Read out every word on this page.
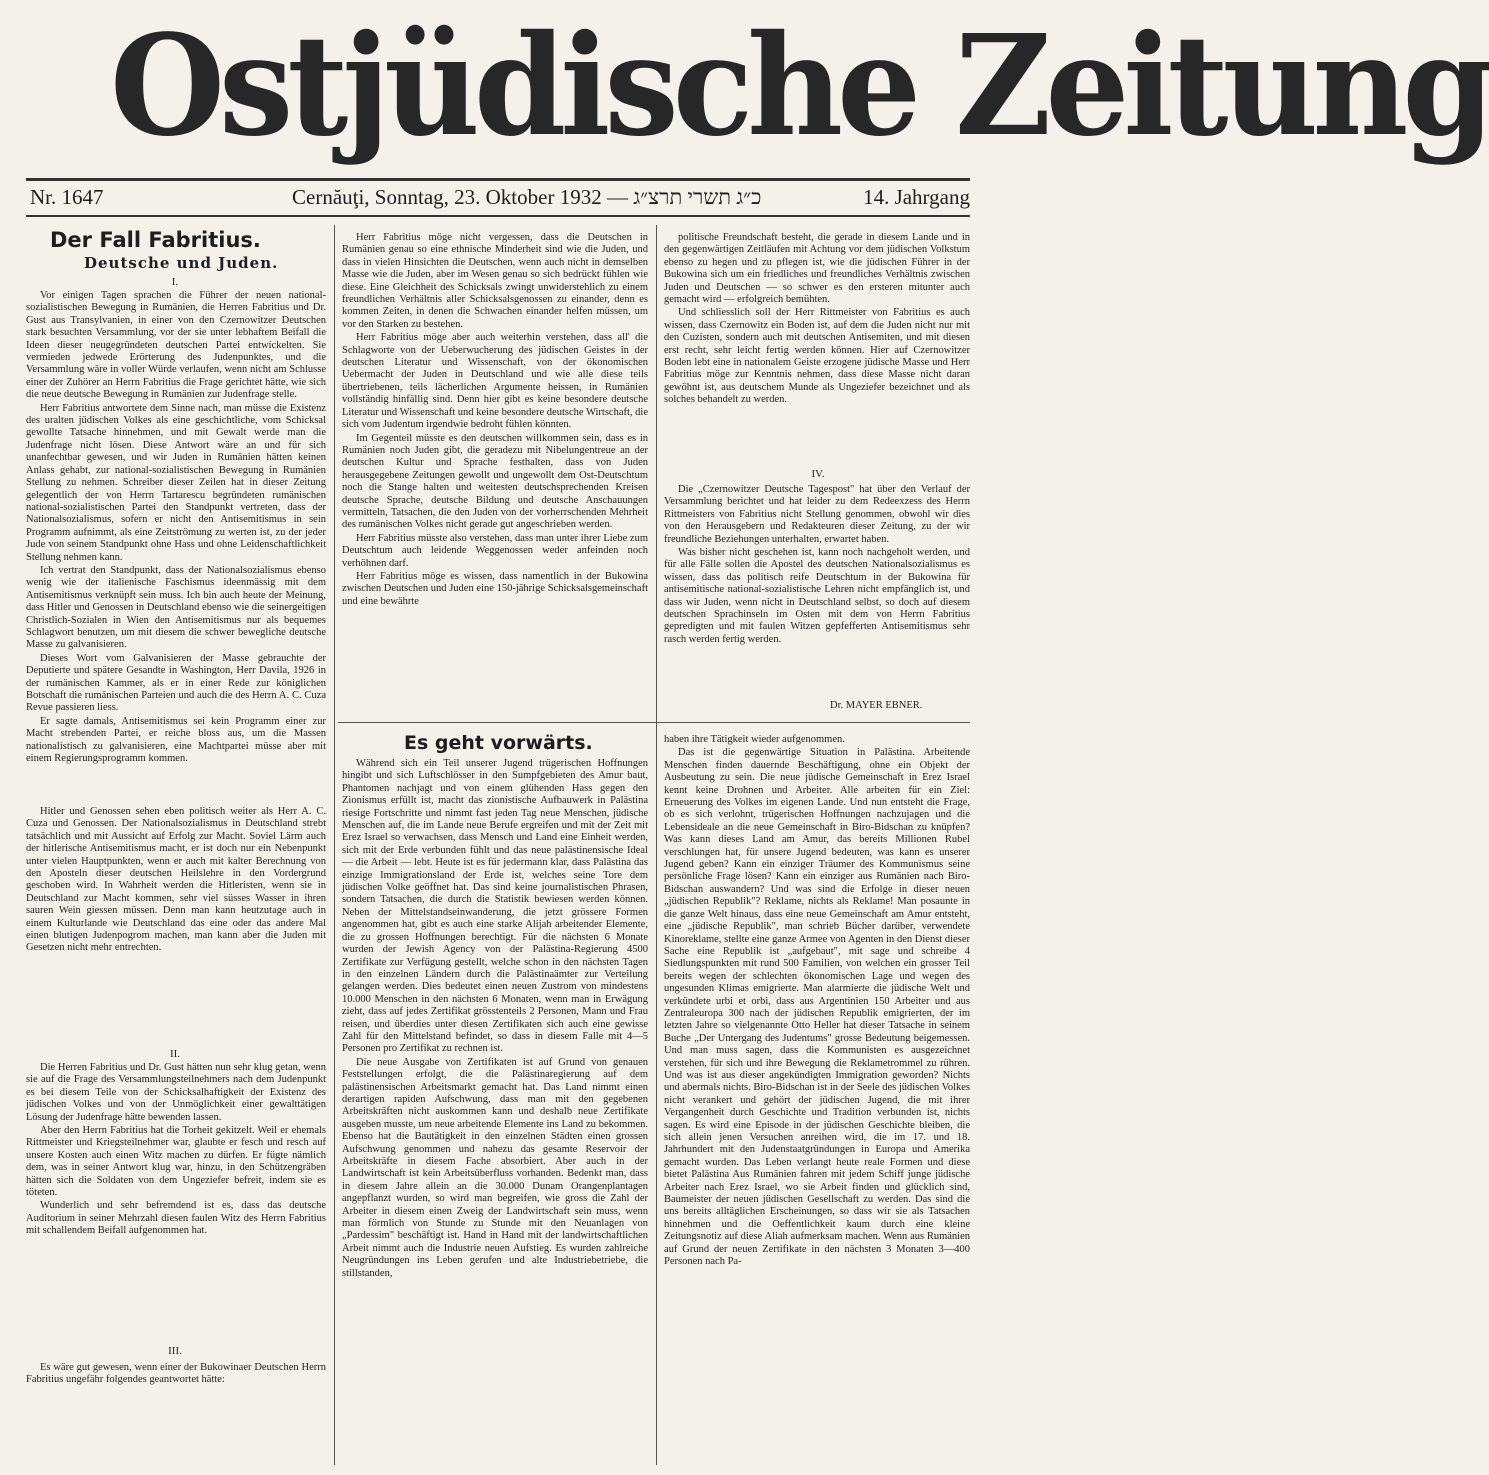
Ostjüdische Zeitung
Nr. 1647	Cernăuţi, Sonntag, 23. Oktober 1932 — כ״ג תשרי תרצ״ג	14. Jahrgang
Der Fall Fabritius.
Deutsche und Juden.
I.

Vor einigen Tagen sprachen die Führer der neuen national-sozialistischen Bewegung in Rumänien, die Herren Fabritius und Dr. Gust aus Transylvanien, in einer von den Czernowitzer Deutschen stark besuchten Versammlung, vor der sie unter lebhaftem Beifall die Ideen dieser neugegründeten deutschen Partei entwickelten. Sie vermieden jedwede Erörterung des Judenpunktes, und die Versammlung wäre in voller Würde verlaufen, wenn nicht am Schlusse einer der Zuhörer an Herrn Fabritius die Frage gerichtet hätte, wie sich die neue deutsche Bewegung in Rumänien zur Judenfrage stelle.

Herr Fabritius antwortete dem Sinne nach, man müsse die Existenz des uralten jüdischen Volkes als eine geschichtliche, vom Schicksal gewollte Tatsache hinnehmen, und mit Gewalt werde man die Judenfrage nicht lösen. Diese Antwort wäre an und für sich unanfechtbar gewesen, und wir Juden in Rumänien hätten keinen Anlass gehabt, zur national-sozialistischen Bewegung in Rumänien Stellung zu nehmen. Schreiber dieser Zeilen hat in dieser Zeitung gelegentlich der von Herrn Tartarescu begründeten rumänischen national-sozialistischen Partei den Standpunkt vertreten, dass der Nationalsozialismus, sofern er nicht den Antisemitismus in sein Programm aufnimmt, als eine Zeitströmung zu werten ist, zu der jeder Jude von seinem Standpunkt ohne Hass und ohne Leidenschaftlichkeit Stellung nehmen kann.

Ich vertrat den Standpunkt, dass der Nationalsozialismus ebenso wenig wie der italienische Faschismus ideenmässig mit dem Antisemitismus verknüpft sein muss. Ich bin auch heute der Meinung, dass Hitler und Genossen in Deutschland ebenso wie die seinergeitigen Christlich-Sozialen in Wien den Antisemitismus nur als bequemes Schlagwort benutzen, um mit diesem die schwer bewegliche deutsche Masse zu galvanisieren.

Dieses Wort vom Galvanisieren der Masse gebrauchte der Deputierte und spätere Gesandte in Washington, Herr Davila, 1926 in der rumänischen Kammer, als er in einer Rede zur königlichen Botschaft die rumänischen Parteien und auch die des Herrn A. C. Cuza Revue passieren liess.

Er sagte damals, Antisemitismus sei kein Programm einer zur Macht strebenden Partei, er reiche bloss aus, um die Massen nationalistisch zu galvanisieren, eine Machtpartei müsse aber mit einem Regierungsprogramm kommen.

Hitler und Genossen sehen eben politisch weiter als Herr A. C. Cuza und Genossen. Der Nationalsozialismus in Deutschland strebt tatsächlich und mit Aussicht auf Erfolg zur Macht. Soviel Lärm auch der hitlerische Antisemitismus macht, er ist doch nur ein Nebenpunkt unter vielen Hauptpunkten, wenn er auch mit kalter Berechnung von den Aposteln dieser deutschen Heilslehre in den Vordergrund geschoben wird. In Wahrheit werden die Hitleristen, wenn sie in Deutschland zur Macht kommen, sehr viel süsses Wasser in ihren sauren Wein giessen müssen. Denn man kann heutzutage auch in einem Kulturlande wie Deutschland das eine oder das andere Mal einen blutigen Judenpogrom machen, man kann aber die Juden mit Gesetzen nicht mehr entrechten.

II.

Die Herren Fabritius und Dr. Gust hätten nun sehr klug getan, wenn sie auf die Frage des Versammlungsteilnehmers nach dem Judenpunkt es bei diesem Teile von der Schicksalhaftigkeit der Existenz des jüdischen Volkes und von der Unmöglichkeit einer gewalttätigen Lösung der Judenfrage hätte bewenden lassen.

Aber den Herrn Fabritius hat die Torheit gekitzelt. Weil er ehemals Rittmeister und Kriegsteilnehmer war, glaubte er fesch und resch auf unsere Kosten auch einen Witz machen zu dürfen. Er fügte nämlich dem, was in seiner Antwort klug war, hinzu, in den Schützengräben hätten sich die Soldaten von dem Ungeziefer befreit, indem sie es töteten.

Wunderlich und sehr befremdend ist es, dass das deutsche Auditorium in seiner Mehrzahl diesen faulen Witz des Herrn Fabritius mit schallendem Beifall aufgenommen hat.

III.

Es wäre gut gewesen, wenn einer der Bukowinaer Deutschen Herrn Fabritius ungefähr folgendes geantwortet hätte:

Herr Fabritius möge nicht vergessen, dass die Deutschen in Rumänien genau so eine ethnische Minderheit sind wie die Juden, und dass in vielen Hinsichten die Deutschen, wenn auch nicht in demselben Masse wie die Juden, aber im Wesen genau so sich bedrückt fühlen wie diese. Eine Gleichheit des Schicksals zwingt unwiderstehlich zu einem freundlichen Verhältnis aller Schicksalsgenossen zu einander, denn es kommen Zeiten, in denen die Schwachen einander helfen müssen, um vor den Starken zu bestehen.

Herr Fabritius möge aber auch weiterhin verstehen, dass all' die Schlagworte von der Ueberwucherung des jüdischen Geistes in der deutschen Literatur und Wissenschaft, von der ökonomischen Uebermacht der Juden in Deutschland und wie alle diese teils übertriebenen, teils lächerlichen Argumente heissen, in Rumänien vollständig hinfällig sind. Denn hier gibt es keine besondere deutsche Literatur und Wissenschaft und keine besondere deutsche Wirtschaft, die sich vom Judentum irgendwie bedroht fühlen könnten.

Im Gegenteil müsste es den deutschen willkommen sein, dass es in Rumänien noch Juden gibt, die geradezu mit Nibelungentreue an der deutschen Kultur und Sprache festhalten, dass von Juden herausgegebene Zeitungen gewollt und ungewollt dem Ost-Deutschtum noch die Stange halten und weitesten deutschsprechenden Kreisen deutsche Sprache, deutsche Bildung und deutsche Anschauungen vermitteln, Tatsachen, die den Juden von der vorherrschenden Mehrheit des rumänischen Volkes nicht gerade gut angeschrieben werden.

Herr Fabritius müsste also verstehen, dass man unter ihrer Liebe zum Deutschtum auch leidende Weggenossen weder anfeinden noch verhöhnen darf.

Herr Fabritius möge es wissen, dass namentlich in der Bukowina zwischen Deutschen und Juden eine 150-jährige Schicksalsgemeinschaft und eine bewährte

politische Freundschaft besteht, die gerade in diesem Lande und in den gegenwärtigen Zeitläufen mit Achtung vor dem jüdischen Volkstum ebenso zu hegen und zu pflegen ist, wie die jüdischen Führer in der Bukowina sich um ein friedliches und freundliches Verhältnis zwischen Juden und Deutschen — so schwer es den ersteren mitunter auch gemacht wird — erfolgreich bemühten.

Und schliesslich soll der Herr Rittmeister von Fabritius es auch wissen, dass Czernowitz ein Boden ist, auf dem die Juden nicht nur mit den Cuzisten, sondern auch mit deutschen Antisemiten, und mit diesen erst recht, sehr leicht fertig werden können. Hier auf Czernowitzer Boden lebt eine in nationalem Geiste erzogene jüdische Masse und Herr Fabritius möge zur Kenntnis nehmen, dass diese Masse nicht daran gewöhnt ist, aus deutschem Munde als Ungeziefer bezeichnet und als solches behandelt zu werden.

IV.

Die „Czernowitzer Deutsche Tagespost" hat über den Verlauf der Versammlung berichtet und hat leider zu dem Redeexzess des Herrn Rittmeisters von Fabritius nicht Stellung genommen, obwohl wir dies von den Herausgebern und Redakteuren dieser Zeitung, zu der wir freundliche Beziehungen unterhalten, erwartet haben.

Was bisher nicht geschehen ist, kann noch nachgeholt werden, und für alle Fälle sollen die Apostel des deutschen Nationalsozialismus es wissen, dass das politisch reife Deutschtum in der Bukowina für antisemitische national-sozialistische Lehren nicht empfänglich ist, und dass wir Juden, wenn nicht in Deutschland selbst, so doch auf diesem deutschen Sprachinseln im Osten mit dem von Herrn Fabritius gepredigten und mit faulen Witzen gepfefferten Antisemitismus sehr rasch werden fertig werden.

Dr. MAYER EBNER.
Es geht vorwärts.

Während sich ein Teil unserer Jugend trügerischen Hoffnungen hingibt und sich Luftschlösser in den Sumpfgebieten des Amur baut, Phantomen nachjagt und von einem glühenden Hass gegen den Zionismus erfüllt ist, macht das zionistische Aufbauwerk in Palästina riesige Fortschritte und nimmt fast jeden Tag neue Menschen, jüdische Menschen auf, die im Lande neue Berufe ergreifen und mit der Zeit mit Erez Israel so verwachsen, dass Mensch und Land eine Einheit werden, sich mit der Erde verbunden fühlt und das neue palästinensische Ideal — die Arbeit — lebt. Heute ist es für jedermann klar, dass Palästina das einzige Immigrationsland der Erde ist, welches seine Tore dem jüdischen Volke geöffnet hat. Das sind keine journalistischen Phrasen, sondern Tatsachen, die durch die Statistik bewiesen werden können. Neben der Mittelstandseinwanderung, die jetzt grössere Formen angenommen hat, gibt es auch eine starke Alijah arbeitender Elemente, die zu grossen Hoffnungen berechtigt. Für die nächsten 6 Monate wurden der Jewish Agency von der Palästina-Regierung 4500 Zertifikate zur Verfügung gestellt, welche schon in den nächsten Tagen in den einzelnen Ländern durch die Palästinaämter zur Verteilung gelangen werden. Dies bedeutet einen neuen Zustrom von mindestens 10.000 Menschen in den nächsten 6 Monaten, wenn man in Erwägung zieht, dass auf jedes Zertifikat grösstenteils 2 Personen, Mann und Frau reisen, und überdies unter diesen Zertifikaten sich auch eine gewisse Zahl für den Mittelstand befindet, so dass in diesem Falle mit 4—5 Personen pro Zertifikat zu rechnen ist.

Die neue Ausgabe von Zertifikaten ist auf Grund von genauen Feststellungen erfolgt, die die Palästinaregierung auf dem palästinensischen Arbeitsmarkt gemacht hat. Das Land nimmt einen derartigen rapiden Aufschwung, dass man mit den gegebenen Arbeitskräften nicht auskommen kann und deshalb neue Zertifikate ausgeben musste, um neue arbeitende Elemente ins Land zu bekommen. Ebenso hat die Bautätigkeit in den einzelnen Städten einen grossen Aufschwung genommen und nahezu das gesamte Reservoir der Arbeitskräfte in diesem Fache absorbiert. Aber auch in der Landwirtschaft ist kein Arbeitsüberfluss vorhanden. Bedenkt man, dass in diesem Jahre allein an die 30.000 Dunam Orangenplantagen angepflanzt wurden, so wird man begreifen, wie gross die Zahl der Arbeiter in diesem einen Zweig der Landwirtschaft sein muss, wenn man förmlich von Stunde zu Stunde mit den Neuanlagen von „Pardessim" beschäftigt ist. Hand in Hand mit der landwirtschaftlichen Arbeit nimmt auch die Industrie neuen Aufstieg. Es wurden zahlreiche Neugründungen ins Leben gerufen und alte Industriebetriebe, die stillstanden,

haben ihre Tätigkeit wieder aufgenommen.

Das ist die gegenwärtige Situation in Palästina. Arbeitende Menschen finden dauernde Beschäftigung, ohne ein Objekt der Ausbeutung zu sein. Die neue jüdische Gemeinschaft in Erez Israel kennt keine Drohnen und Arbeiter. Alle arbeiten für ein Ziel: Erneuerung des Volkes im eigenen Lande. Und nun entsteht die Frage, ob es sich verlohnt, trügerischen Hoffnungen nachzujagen und die Lebensideale an die neue Gemeinschaft in Biro-Bidschan zu knüpfen? Was kann dieses Land am Amur, das bereits Millionen Rubel verschlungen hat, für unsere Jugend bedeuten, was kann es unserer Jugend geben? Kann ein einziger Träumer des Kommunismus seine persönliche Frage lösen? Kann ein einziger aus Rumänien nach Biro-Bidschan auswandern? Und was sind die Erfolge in dieser neuen „jüdischen Republik"? Reklame, nichts als Reklame! Man posaunte in die ganze Welt hinaus, dass eine neue Gemeinschaft am Amur entsteht, eine „jüdische Republik", man schrieb Bücher darüber, verwendete Kinoreklame, stellte eine ganze Armee von Agenten in den Dienst dieser Sache eine Republik ist „aufgebaut", mit sage und schreibe 4 Siedlungspunkten mit rund 500 Familien, von welchen ein grosser Teil bereits wegen der schlechten ökonomischen Lage und wegen des ungesunden Klimas emigrierte. Man alarmierte die jüdische Welt und verkündete urbi et orbi, dass aus Argentinien 150 Arbeiter und aus Zentraleuropa 300 nach der jüdischen Republik emigrierten, der im letzten Jahre so vielgenannte Otto Heller hat dieser Tatsache in seinem Buche „Der Untergang des Judentums" grosse Bedeutung beigemessen. Und man muss sagen, dass die Kommunisten es ausgezeichnet verstehen, für sich und ihre Bewegung die Reklametrommel zu rühren. Und was ist aus dieser angekündigten Immigration geworden? Nichts und abermals nichts. Biro-Bidschan ist in der Seele des jüdischen Volkes nicht verankert und gehört der jüdischen Jugend, die mit ihrer Vergangenheit durch Geschichte und Tradition verbunden ist, nichts sagen. Es wird eine Episode in der jüdischen Geschichte bleiben, die sich allein jenen Versuchen anreihen wird, die im 17. und 18. Jahrhundert mit den Judenstaatgründungen in Europa und Amerika gemacht wurden. Das Leben verlangt heute reale Formen und diese bietet Palästina Aus Rumänien fahren mit jedem Schiff junge jüdische Arbeiter nach Erez Israel, wo sie Arbeit finden und glücklich sind, Baumeister der neuen jüdischen Gesellschaft zu werden. Das sind die uns bereits alltäglichen Erscheinungen, so dass wir sie als Tatsachen hinnehmen und die Oeffentlichkeit kaum durch eine kleine Zeitungsnotiz auf diese Aliah aufmerksam machen. Wenn aus Rumänien auf Grund der neuen Zertifikate in den nächsten 3 Monaten 3—400 Personen nach Pa-
